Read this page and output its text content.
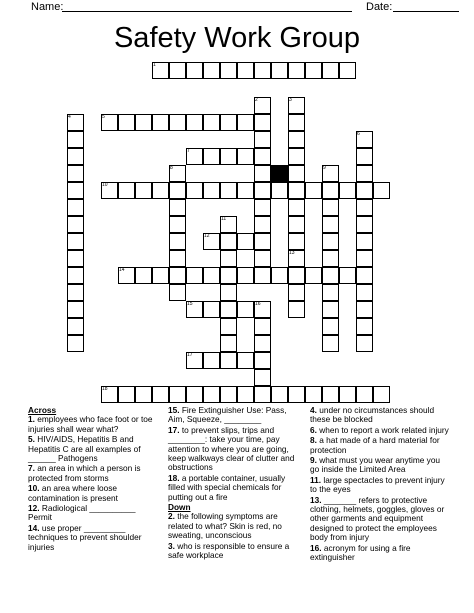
Name:	Date:
Safety Work Group
1
2	3
4	5
6
7
8	9
10
11
12
13
14
15	16
17
18
Across
1. employees who face foot or toe injuries shall wear what?
5. HIV/AIDS, Hepatitis B and Hepatitis C are all examples of ______ Pathogens
7. an area in which a person is protected from storms
10. an area where loose contamination is present
12. Radiological __________ Permit
14. use proper _________ techniques to prevent shoulder injuries
15. Fire Extinguisher Use: Pass, Aim, Squeeze, ________
17. to prevent slips, trips and ________: take your time, pay attention to where you are going, keep walkways clear of clutter and obstructions
18. a portable container, usually filled with special chemicals for putting out a fire
Down
2. the following symptoms are related to what? Skin is red, no sweating, unconscious
3. who is responsible to ensure a safe workplace
4. under no circumstances should these be blocked
6. when to report a work related injury
8. a hat made of a hard material for protection
9. what must you wear anytime you go inside the Limited Area
11. large spectacles to prevent injury to the eyes
13. _______ refers to protective clothing, helmets, goggles, gloves or other garments and equipment designed to protect the employees body from injury
16. acronym for using a fire extinguisher
